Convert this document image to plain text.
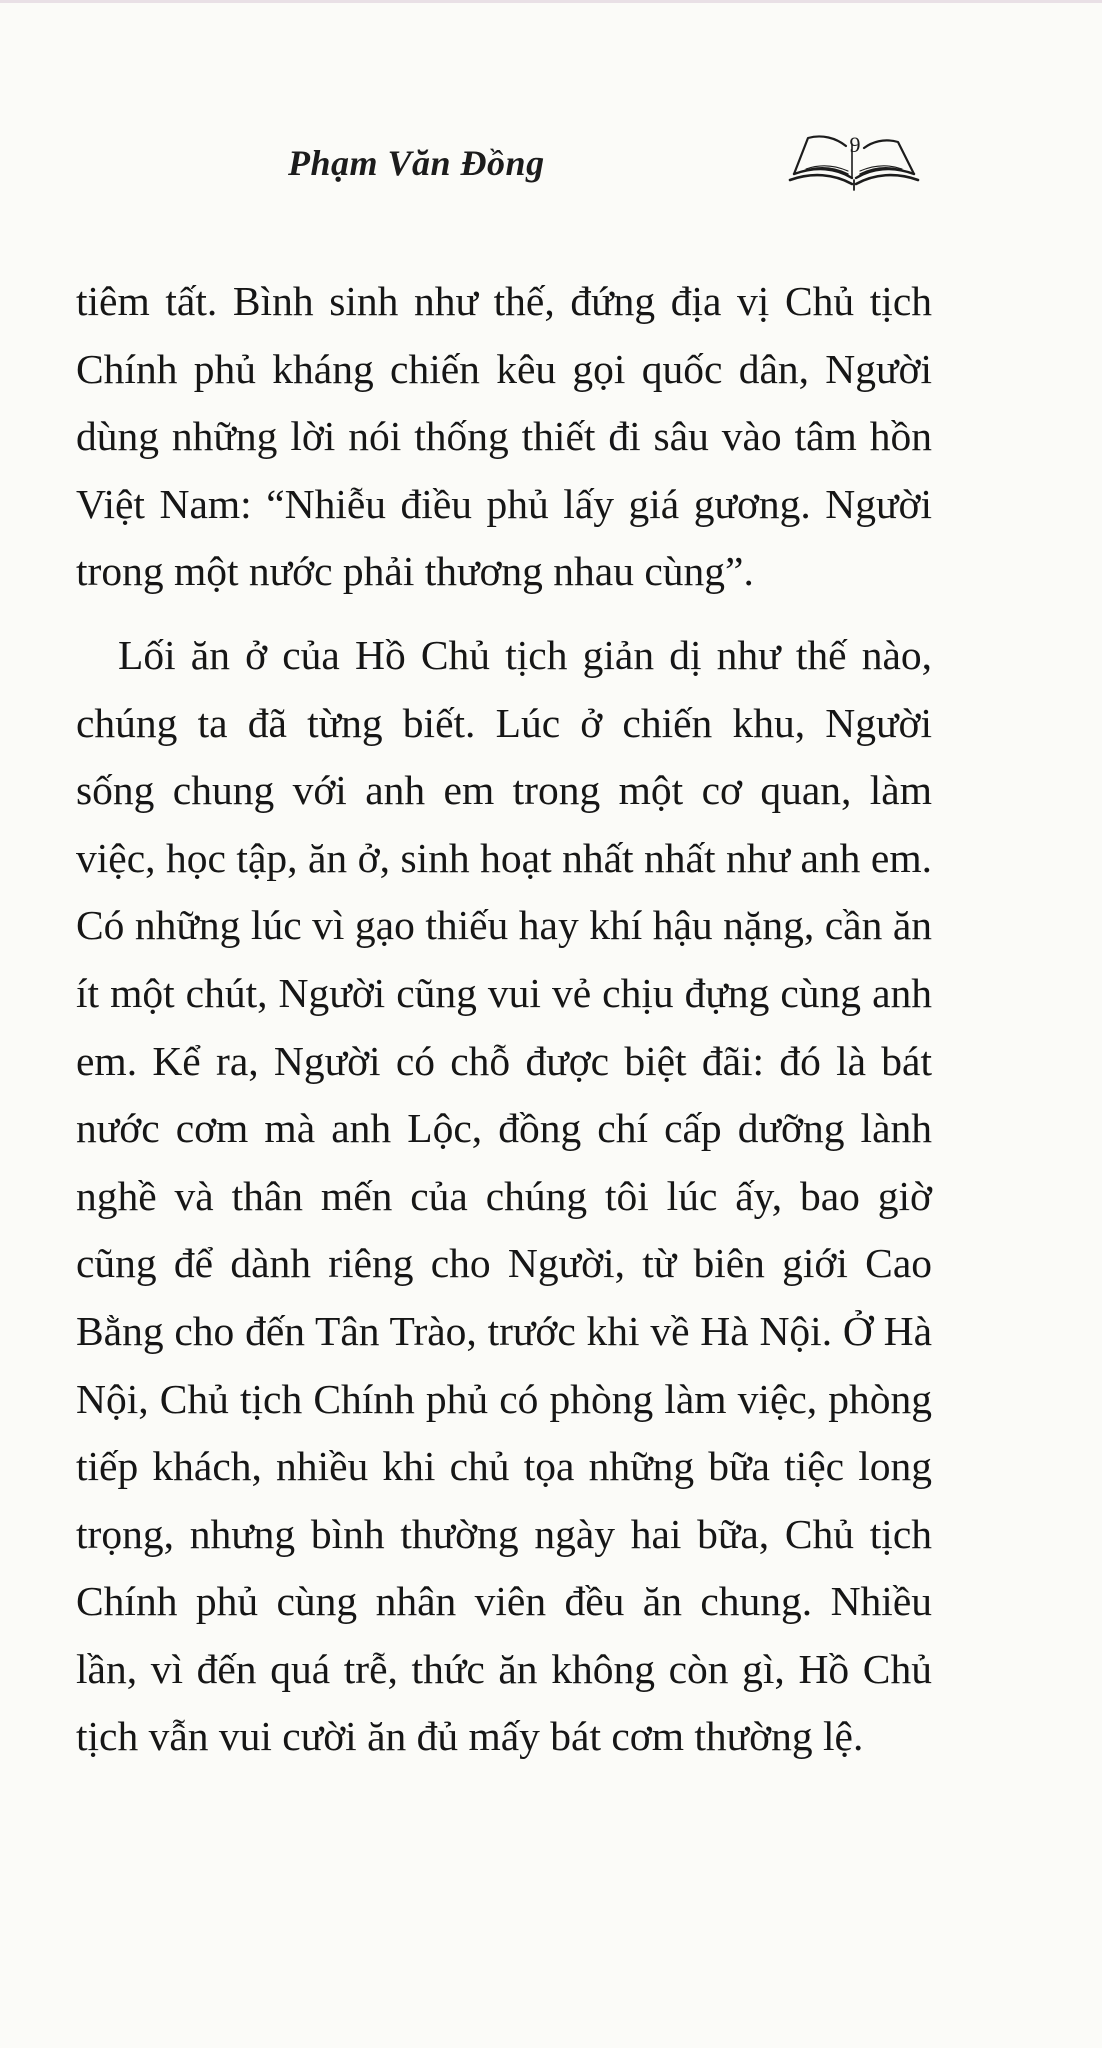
Phạm Văn Đồng	9

tiêm tất. Bình sinh như thế, đứng địa vị Chủ tịch Chính phủ kháng chiến kêu gọi quốc dân, Người dùng những lời nói thống thiết đi sâu vào tâm hồn Việt Nam: “Nhiễu điều phủ lấy giá gương. Người trong một nước phải thương nhau cùng”.

Lối ăn ở của Hồ Chủ tịch giản dị như thế nào, chúng ta đã từng biết. Lúc ở chiến khu, Người sống chung với anh em trong một cơ quan, làm việc, học tập, ăn ở, sinh hoạt nhất nhất như anh em. Có những lúc vì gạo thiếu hay khí hậu nặng, cần ăn ít một chút, Người cũng vui vẻ chịu đựng cùng anh em. Kể ra, Người có chỗ được biệt đãi: đó là bát nước cơm mà anh Lộc, đồng chí cấp dưỡng lành nghề và thân mến của chúng tôi lúc ấy, bao giờ cũng để dành riêng cho Người, từ biên giới Cao Bằng cho đến Tân Trào, trước khi về Hà Nội. Ở Hà Nội, Chủ tịch Chính phủ có phòng làm việc, phòng tiếp khách, nhiều khi chủ tọa những bữa tiệc long trọng, nhưng bình thường ngày hai bữa, Chủ tịch Chính phủ cùng nhân viên đều ăn chung. Nhiều lần, vì đến quá trễ, thức ăn không còn gì, Hồ Chủ tịch vẫn vui cười ăn đủ mấy bát cơm thường lệ.
